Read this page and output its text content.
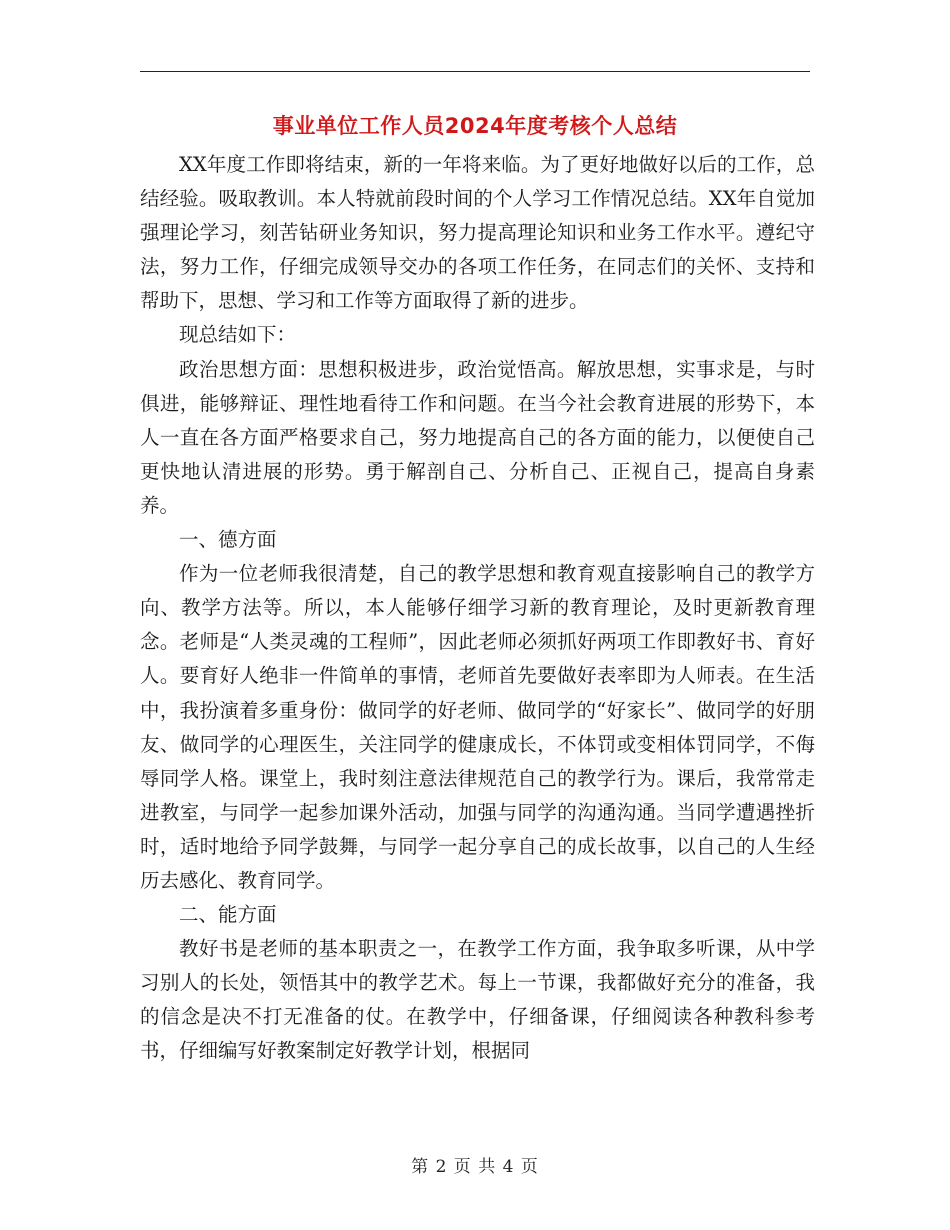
事业单位工作人员2024年度考核个人总结

XX年度工作即将结束，新的一年将来临。为了更好地做好以后的工作，总结经验。吸取教训。本人特就前段时间的个人学习工作情况总结。XX年自觉加强理论学习，刻苦钻研业务知识，努力提高理论知识和业务工作水平。遵纪守法，努力工作，仔细完成领导交办的各项工作任务，在同志们的关怀、支持和帮助下，思想、学习和工作等方面取得了新的进步。

现总结如下：

政治思想方面：思想积极进步，政治觉悟高。解放思想，实事求是，与时俱进，能够辩证、理性地看待工作和问题。在当今社会教育进展的形势下，本人一直在各方面严格要求自己，努力地提高自己的各方面的能力，以便使自己更快地认清进展的形势。勇于解剖自己、分析自己、正视自己，提高自身素养。

一、德方面

作为一位老师我很清楚，自己的教学思想和教育观直接影响自己的教学方向、教学方法等。所以，本人能够仔细学习新的教育理论，及时更新教育理念。老师是“人类灵魂的工程师”，因此老师必须抓好两项工作即教好书、育好人。要育好人绝非一件简单的事情，老师首先要做好表率即为人师表。在生活中，我扮演着多重身份：做同学的好老师、做同学的“好家长”、做同学的好朋友、做同学的心理医生，关注同学的健康成长，不体罚或变相体罚同学，不侮辱同学人格。课堂上，我时刻注意法律规范自己的教学行为。课后，我常常走进教室，与同学一起参加课外活动，加强与同学的沟通沟通。当同学遭遇挫折时，适时地给予同学鼓舞，与同学一起分享自己的成长故事，以自己的人生经历去感化、教育同学。

二、能方面

教好书是老师的基本职责之一，在教学工作方面，我争取多听课，从中学习别人的长处，领悟其中的教学艺术。每上一节课，我都做好充分的准备，我的信念是决不打无准备的仗。在教学中，仔细备课，仔细阅读各种教科参考书，仔细编写好教案制定好教学计划，根据同

第 2 页 共 4 页
